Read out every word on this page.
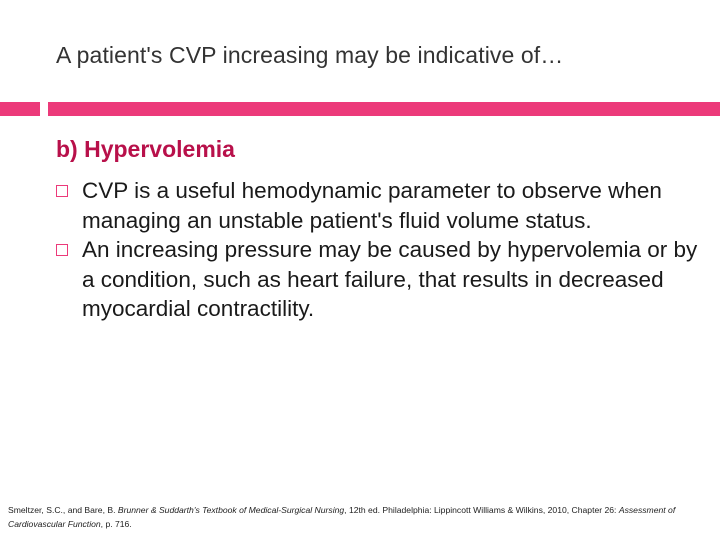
A patient's CVP increasing may be indicative of…
b) Hypervolemia
CVP is a useful hemodynamic parameter to observe when managing an unstable patient's fluid volume status.
An increasing pressure may be caused by hypervolemia or by a condition, such as heart failure, that results in decreased myocardial contractility.
Smeltzer, S.C., and Bare, B. Brunner & Suddarth's Textbook of Medical-Surgical Nursing, 12th ed. Philadelphia: Lippincott Williams & Wilkins, 2010, Chapter 26: Assessment of Cardiovascular Function, p. 716.
